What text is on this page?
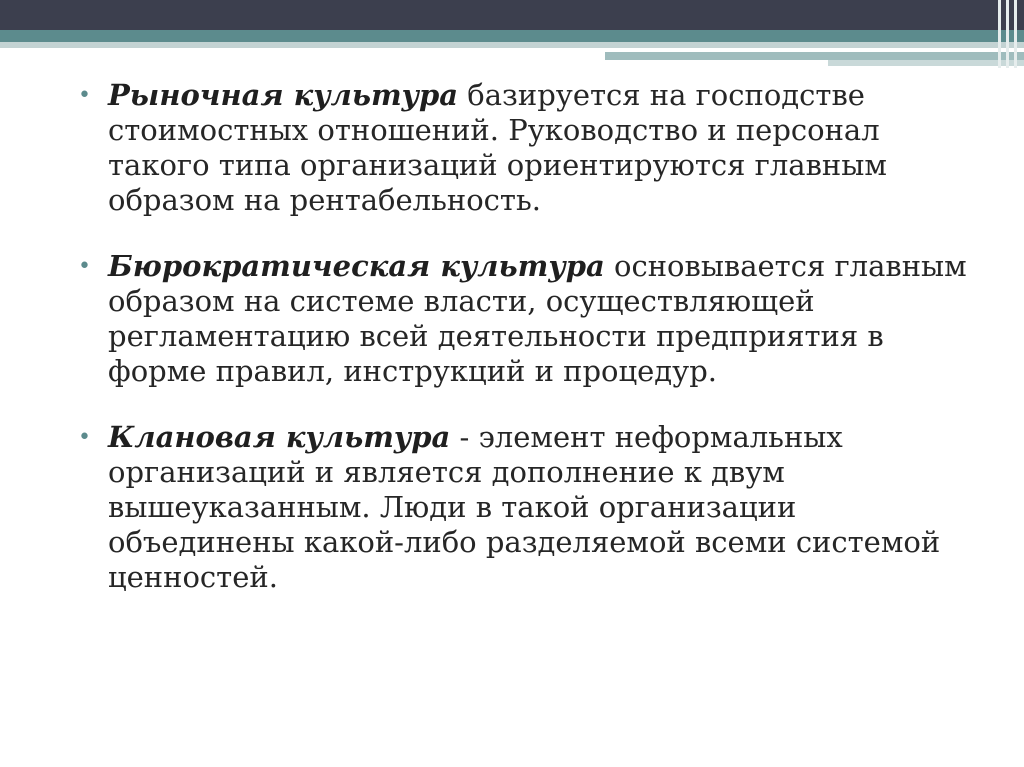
• Рыночная культура базируется на господстве стоимостных отношений. Руководство и персонал такого типа организаций ориентируются главным образом на рентабельность.
• Бюрократическая культура основывается главным образом на системе власти, осуществляющей регламентацию всей деятельности предприятия в форме правил, инструкций и процедур.
• Клановая культура - элемент неформальных организаций и является дополнение к двум вышеуказанным. Люди в такой организации объединены какой-либо разделяемой всеми системой ценностей.
